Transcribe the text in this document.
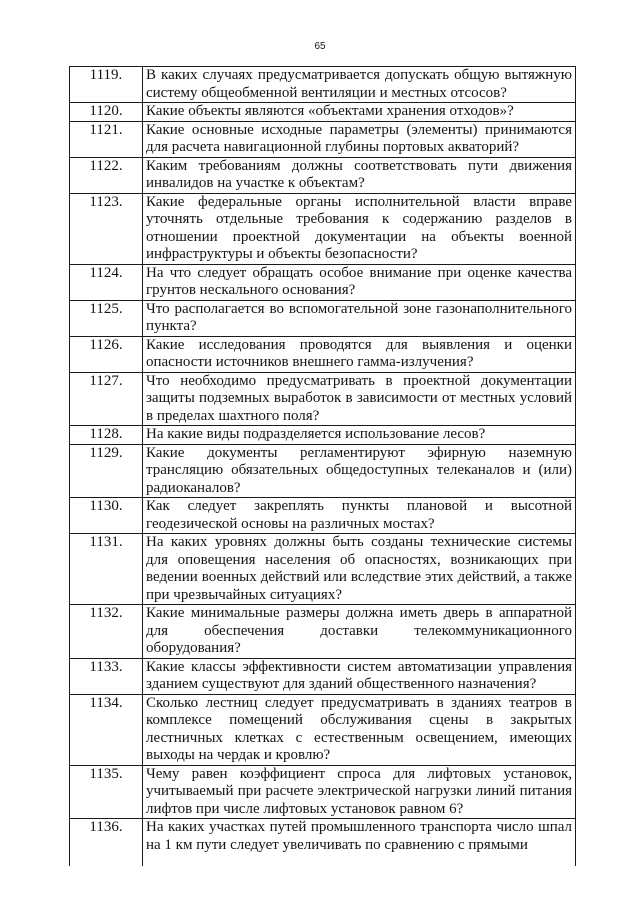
65
1119.	В каких случаях предусматривается допускать общую вытяжную систему общеобменной вентиляции и местных отсосов?
1120.	Какие объекты являются «объектами хранения отходов»?
1121.	Какие основные исходные параметры (элементы) принимаются для расчета навигационной глубины портовых акваторий?
1122.	Каким требованиям должны соответствовать пути движения инвалидов на участке к объектам?
1123.	Какие федеральные органы исполнительной власти вправе уточнять отдельные требования к содержанию разделов в отношении проектной документации на объекты военной инфраструктуры и объекты безопасности?
1124.	На что следует обращать особое внимание при оценке качества грунтов нескального основания?
1125.	Что располагается во вспомогательной зоне газонаполнительного пункта?
1126.	Какие исследования проводятся для выявления и оценки опасности источников внешнего гамма-излучения?
1127.	Что необходимо предусматривать в проектной документации защиты подземных выработок в зависимости от местных условий в пределах шахтного поля?
1128.	На какие виды подразделяется использование лесов?
1129.	Какие документы регламентируют эфирную наземную трансляцию обязательных общедоступных телеканалов и (или) радиоканалов?
1130.	Как следует закреплять пункты плановой и высотной геодезической основы на различных мостах?
1131.	На каких уровнях должны быть созданы технические системы для оповещения населения об опасностях, возникающих при ведении военных действий или вследствие этих действий, а также при чрезвычайных ситуациях?
1132.	Какие минимальные размеры должна иметь дверь в аппаратной для обеспечения доставки телекоммуникационного оборудования?
1133.	Какие классы эффективности систем автоматизации управления зданием существуют для зданий общественного назначения?
1134.	Сколько лестниц следует предусматривать в зданиях театров в комплексе помещений обслуживания сцены в закрытых лестничных клетках с естественным освещением, имеющих выходы на чердак и кровлю?
1135.	Чему равен коэффициент спроса для лифтовых установок, учитываемый при расчете электрической нагрузки линий питания лифтов при числе лифтовых установок равном 6?
1136.	На каких участках путей промышленного транспорта число шпал на 1 км пути следует увеличивать по сравнению с прямыми
